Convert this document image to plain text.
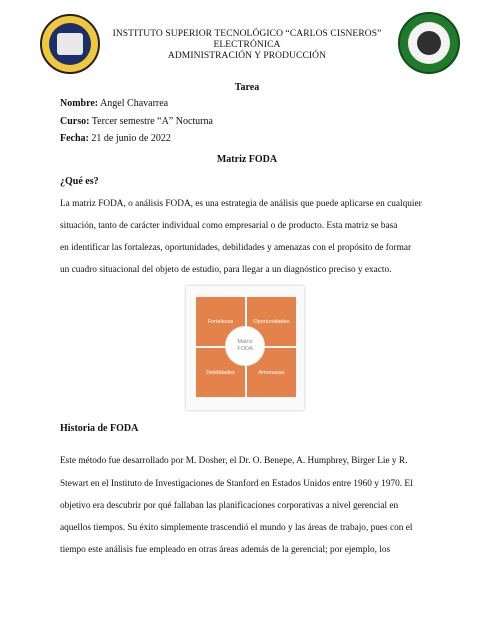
INSTITUTO SUPERIOR TECNOLÓGICO “CARLOS CISNEROS”
ELECTRÓNICA
ADMINISTRACIÓN Y PRODUCCIÓN
Tarea
Nombre: Angel Chavarrea
Curso: Tercer semestre “A” Nocturna
Fecha: 21 de junio de 2022
Matriz FODA
¿Qué es?
La matriz FODA, o análisis FODA, es una estrategia de análisis que puede aplicarse en cualquier
situación, tanto de carácter individual como empresarial o de producto. Esta matriz se basa
en identificar las fortalezas, oportunidades, debilidades y amenazas con el propósito de formar
un cuadro situacional del objeto de estudio, para llegar a un diagnóstico preciso y exacto.
Fortalezas	Oportunidades
Debilidades	Amenazas
Matriz
FODA
Historia de FODA
Este método fue desarrollado por M. Dosher, el Dr. O. Benepe, A. Humphrey, Birger Lie y R.
Stewart en el Instituto de Investigaciones de Stanford en Estados Unidos entre 1960 y 1970. El
objetivo era descubrir por qué fallaban las planificaciones corporativas a nivel gerencial en
aquellos tiempos. Su éxito simplemente trascendió el mundo y las áreas de trabajo, pues con el
tiempo este análisis fue empleado en otras áreas además de la gerencial; por ejemplo, los
